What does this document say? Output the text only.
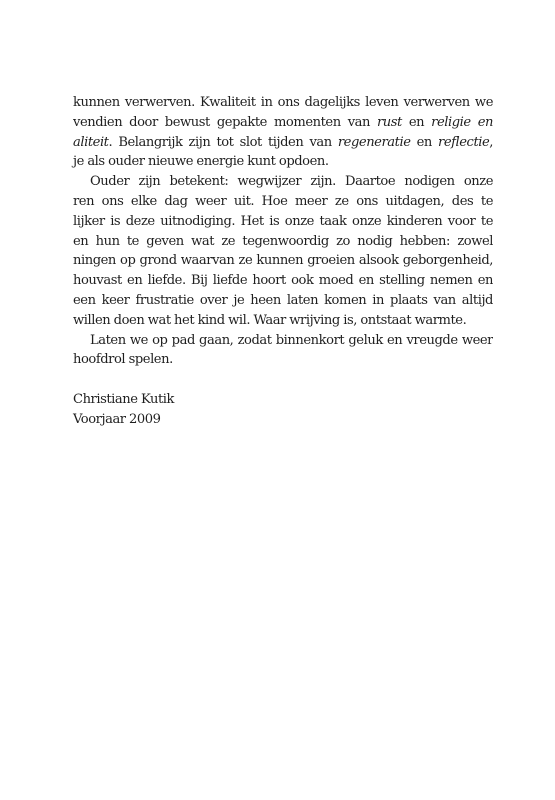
kunnen verwerven. Kwaliteit in ons dagelijks leven verwerven we
vendien door bewust gepakte momenten van rust en religie en
aliteit. Belangrijk zijn tot slot tijden van regeneratie en reflectie,
je als ouder nieuwe energie kunt opdoen.
Ouder zijn betekent: wegwijzer zijn. Daartoe nodigen onze
ren ons elke dag weer uit. Hoe meer ze ons uitdagen, des te
lijker is deze uitnodiging. Het is onze taak onze kinderen voor te
en hun te geven wat ze tegenwoordig zo nodig hebben: zowel
ningen op grond waarvan ze kunnen groeien alsook geborgenheid,
houvast en liefde. Bij liefde hoort ook moed en stelling nemen en
een keer frustratie over je heen laten komen in plaats van altijd
willen doen wat het kind wil. Waar wrijving is, ontstaat warmte.
Laten we op pad gaan, zodat binnenkort geluk en vreugde weer
hoofdrol spelen.
Christiane Kutik
Voorjaar 2009
